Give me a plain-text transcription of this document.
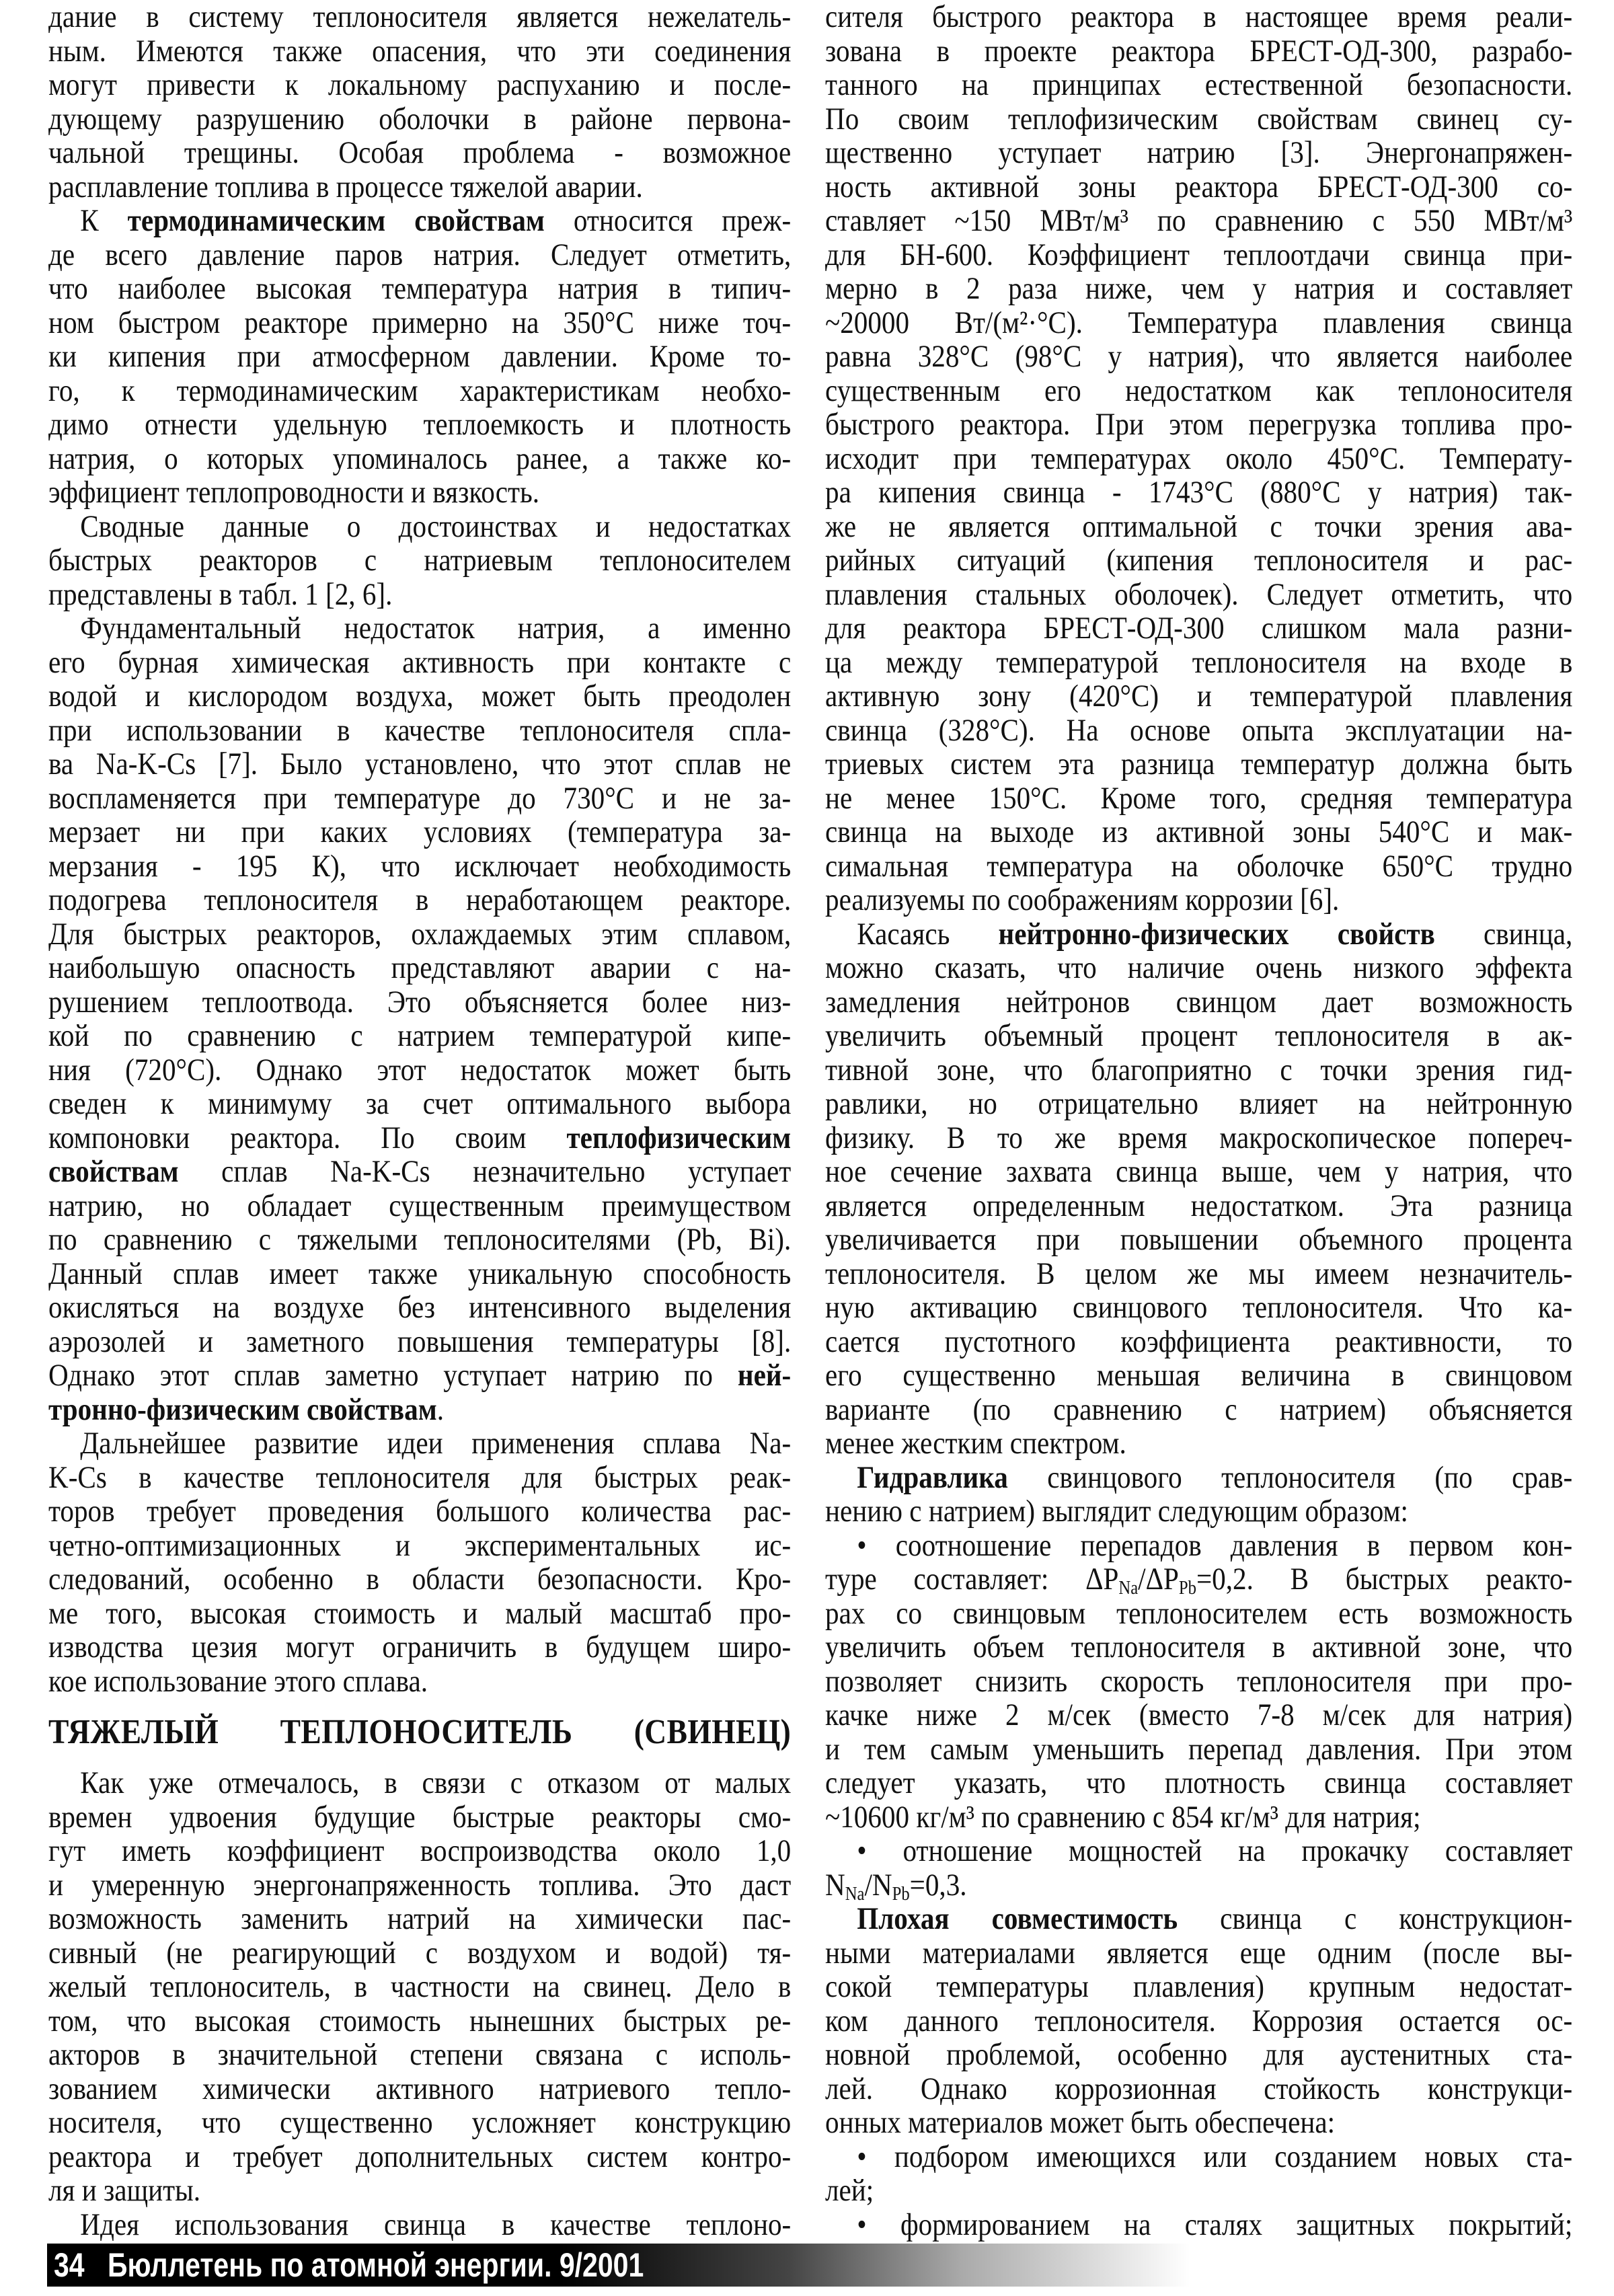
дание в систему теплоносителя является нежелатель-
ным. Имеются также опасения, что эти соединения
могут привести к локальному распуханию и после-
дующему разрушению оболочки в районе первона-
чальной трещины. Особая проблема - возможное
расплавление топлива в процессе тяжелой аварии.
К термодинамическим свойствам относится преж-
де всего давление паров натрия. Следует отметить,
что наиболее высокая температура натрия в типич-
ном быстром реакторе примерно на 350°С ниже точ-
ки кипения при атмосферном давлении. Кроме то-
го, к термодинамическим характеристикам необхо-
димо отнести удельную теплоемкость и плотность
натрия, о которых упоминалось ранее, а также ко-
эффициент теплопроводности и вязкость.
Сводные данные о достоинствах и недостатках
быстрых реакторов с натриевым теплоносителем
представлены в табл. 1 [2, 6].
Фундаментальный недостаток натрия, а именно
его бурная химическая активность при контакте с
водой и кислородом воздуха, может быть преодолен
при использовании в качестве теплоносителя спла-
ва Na-K-Cs [7]. Было установлено, что этот сплав не
воспламеняется при температуре до 730°С и не за-
мерзает ни при каких условиях (температура за-
мерзания - 195 К), что исключает необходимость
подогрева теплоносителя в неработающем реакторе.
Для быстрых реакторов, охлаждаемых этим сплавом,
наибольшую опасность представляют аварии с на-
рушением теплоотвода. Это объясняется более низ-
кой по сравнению с натрием температурой кипе-
ния (720°С). Однако этот недостаток может быть
сведен к минимуму за счет оптимального выбора
компоновки реактора. По своим теплофизическим
свойствам сплав Na-K-Cs незначительно уступает
натрию, но обладает существенным преимуществом
по сравнению с тяжелыми теплоносителями (Pb, Bi).
Данный сплав имеет также уникальную способность
окисляться на воздухе без интенсивного выделения
аэрозолей и заметного повышения температуры [8].
Однако этот сплав заметно уступает натрию по ней-
тронно-физическим свойствам.
Дальнейшее развитие идеи применения сплава Na-
K-Cs в качестве теплоносителя для быстрых реак-
торов требует проведения большого количества рас-
четно-оптимизационных и экспериментальных ис-
следований, особенно в области безопасности. Кро-
ме того, высокая стоимость и малый масштаб про-
изводства цезия могут ограничить в будущем широ-
кое использование этого сплава.
ТЯЖЕЛЫЙ ТЕПЛОНОСИТЕЛЬ (СВИНЕЦ)
Как уже отмечалось, в связи с отказом от малых
времен удвоения будущие быстрые реакторы смо-
гут иметь коэффициент воспроизводства около 1,0
и умеренную энергонапряженность топлива. Это даст
возможность заменить натрий на химически пас-
сивный (не реагирующий с воздухом и водой) тя-
желый теплоноситель, в частности на свинец. Дело в
том, что высокая стоимость нынешних быстрых ре-
акторов в значительной степени связана с исполь-
зованием химически активного натриевого тепло-
носителя, что существенно усложняет конструкцию
реактора и требует дополнительных систем контро-
ля и защиты.
Идея использования свинца в качестве теплоно-
сителя быстрого реактора в настоящее время реали-
зована в проекте реактора БРЕСТ-ОД-300, разрабо-
танного на принципах естественной безопасности.
По своим теплофизическим свойствам свинец су-
щественно уступает натрию [3]. Энергонапряжен-
ность активной зоны реактора БРЕСТ-ОД-300 со-
ставляет ~150 МВт/м³ по сравнению с 550 МВт/м³
для БН-600. Коэффициент теплоотдачи свинца при-
мерно в 2 раза ниже, чем у натрия и составляет
~20000 Вт/(м²·°С). Температура плавления свинца
равна 328°С (98°С у натрия), что является наиболее
существенным его недостатком как теплоносителя
быстрого реактора. При этом перегрузка топлива про-
исходит при температурах около 450°С. Температу-
ра кипения свинца - 1743°С (880°С у натрия) так-
же не является оптимальной с точки зрения ава-
рийных ситуаций (кипения теплоносителя и рас-
плавления стальных оболочек). Следует отметить, что
для реактора БРЕСТ-ОД-300 слишком мала разни-
ца между температурой теплоносителя на входе в
активную зону (420°С) и температурой плавления
свинца (328°С). На основе опыта эксплуатации на-
триевых систем эта разница температур должна быть
не менее 150°С. Кроме того, средняя температура
свинца на выходе из активной зоны 540°С и мак-
симальная температура на оболочке 650°С трудно
реализуемы по соображениям коррозии [6].
Касаясь нейтронно-физических свойств свинца,
можно сказать, что наличие очень низкого эффекта
замедления нейтронов свинцом дает возможность
увеличить объемный процент теплоносителя в ак-
тивной зоне, что благоприятно с точки зрения гид-
равлики, но отрицательно влияет на нейтронную
физику. В то же время макроскопическое попереч-
ное сечение захвата свинца выше, чем у натрия, что
является определенным недостатком. Эта разница
увеличивается при повышении объемного процента
теплоносителя. В целом же мы имеем незначитель-
ную активацию свинцового теплоносителя. Что ка-
сается пустотного коэффициента реактивности, то
его существенно меньшая величина в свинцовом
варианте (по сравнению с натрием) объясняется
менее жестким спектром.
Гидравлика свинцового теплоносителя (по срав-
нению с натрием) выглядит следующим образом:
• соотношение перепадов давления в первом кон-
туре составляет: $\Delta P_{Na}/\Delta P_{Pb}=0,2$. В быстрых реакто-
рах со свинцовым теплоносителем есть возможность
увеличить объем теплоносителя в активной зоне, что
позволяет снизить скорость теплоносителя при про-
качке ниже 2 м/сек (вместо 7-8 м/сек для натрия)
и тем самым уменьшить перепад давления. При этом
следует указать, что плотность свинца составляет
~10600 кг/м³ по сравнению с 854 кг/м³ для натрия;
• отношение мощностей на прокачку составляет
$N_{Na}/N_{Pb}=0,3$.
Плохая совместимость свинца с конструкцион-
ными материалами является еще одним (после вы-
сокой температуры плавления) крупным недостат-
ком данного теплоносителя. Коррозия остается ос-
новной проблемой, особенно для аустенитных ста-
лей. Однако коррозионная стойкость конструкци-
онных материалов может быть обеспечена:
• подбором имеющихся или созданием новых ста-
лей;
• формированием на сталях защитных покрытий;
34 Бюллетень по атомной энергии. 9/2001
